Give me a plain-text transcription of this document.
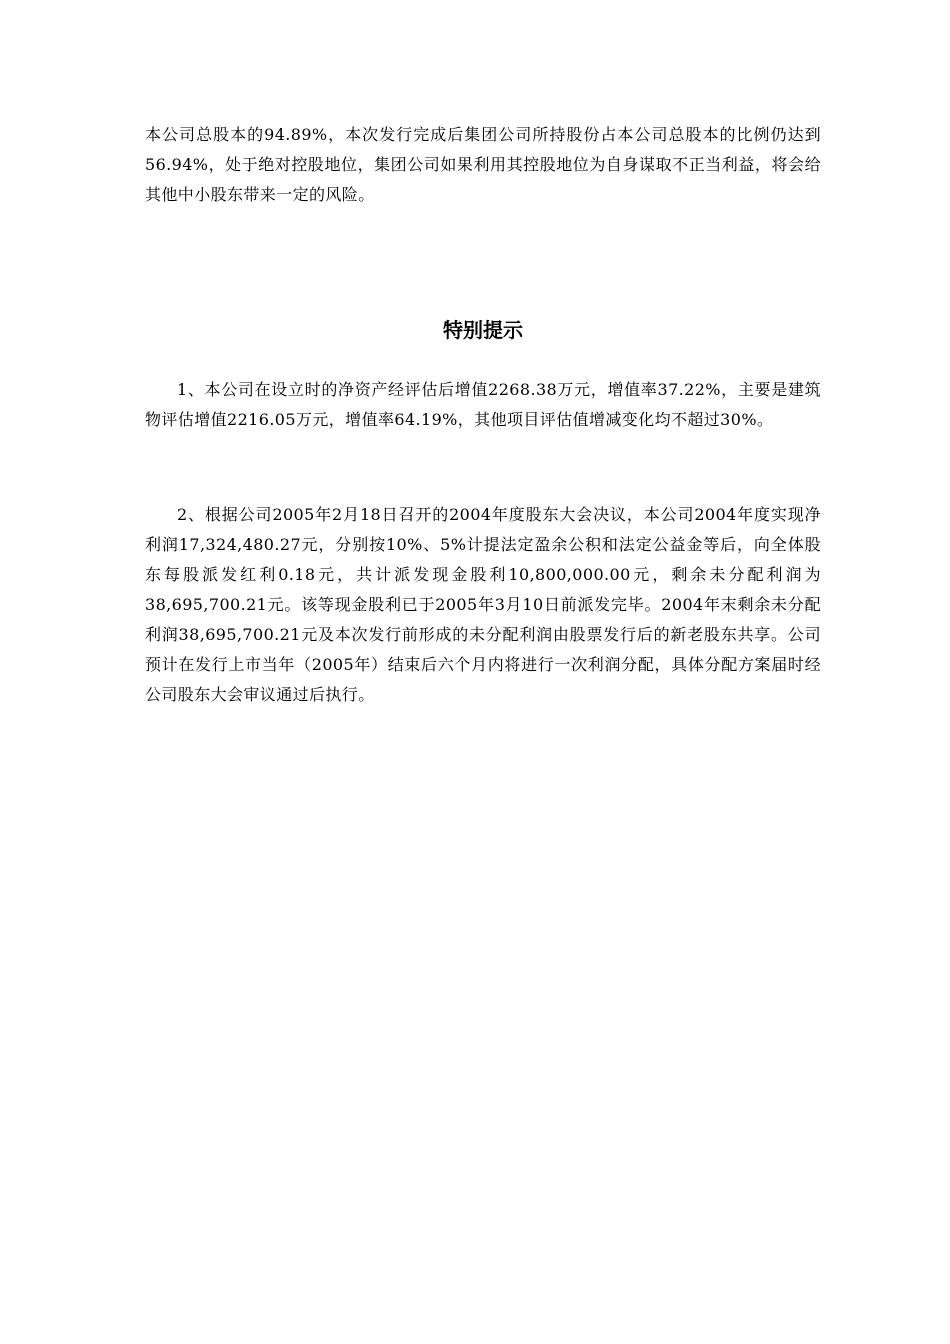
本公司总股本的94.89%，本次发行完成后集团公司所持股份占本公司总股本的比例仍达到56.94%，处于绝对控股地位，集团公司如果利用其控股地位为自身谋取不正当利益，将会给其他中小股东带来一定的风险。

特别提示

1、本公司在设立时的净资产经评估后增值2268.38万元，增值率37.22%，主要是建筑物评估增值2216.05万元，增值率64.19%，其他项目评估值增减变化均不超过30%。

2、根据公司2005年2月18日召开的2004年度股东大会决议，本公司2004年度实现净利润17,324,480.27元，分别按10%、5%计提法定盈余公积和法定公益金等后，向全体股东每股派发红利0.18元，共计派发现金股利10,800,000.00元，剩余未分配利润为38,695,700.21元。该等现金股利已于2005年3月10日前派发完毕。2004年末剩余未分配利润38,695,700.21元及本次发行前形成的未分配利润由股票发行后的新老股东共享。公司预计在发行上市当年（2005年）结束后六个月内将进行一次利润分配，具体分配方案届时经公司股东大会审议通过后执行。
